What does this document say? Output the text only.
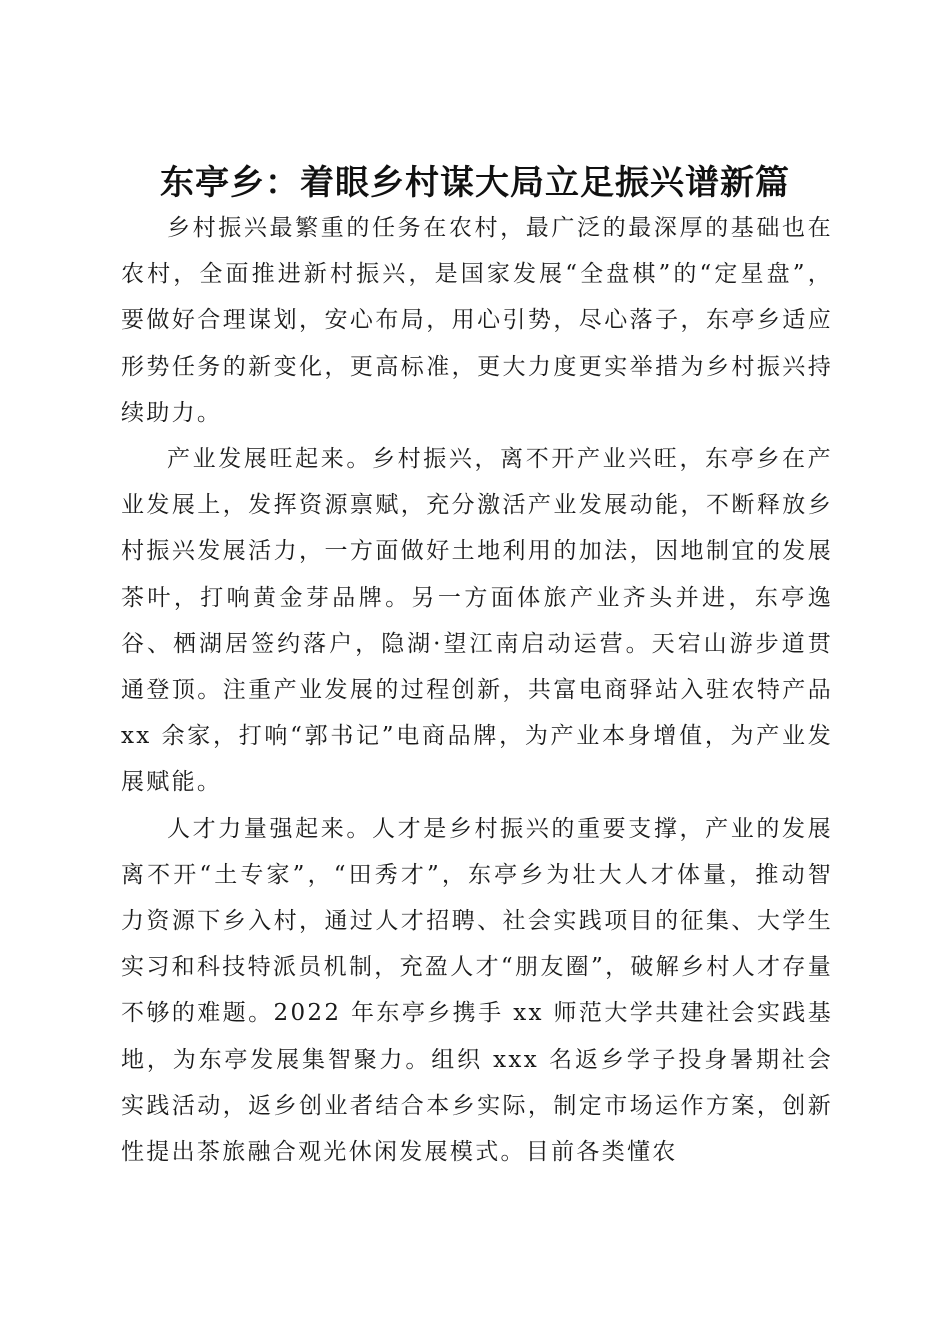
东亭乡：着眼乡村谋大局立足振兴谱新篇

乡村振兴最繁重的任务在农村，最广泛的最深厚的基础也在农村，全面推进新村振兴，是国家发展“全盘棋”的“定星盘”，要做好合理谋划，安心布局，用心引势，尽心落子，东亭乡适应形势任务的新变化，更高标准，更大力度更实举措为乡村振兴持续助力。

产业发展旺起来。乡村振兴，离不开产业兴旺，东亭乡在产业发展上，发挥资源禀赋，充分激活产业发展动能，不断释放乡村振兴发展活力，一方面做好土地利用的加法，因地制宜的发展茶叶，打响黄金芽品牌。另一方面体旅产业齐头并进，东亭逸谷、栖湖居签约落户，隐湖·望江南启动运营。天宕山游步道贯通登顶。注重产业发展的过程创新，共富电商驿站入驻农特产品 xx 余家，打响“郭书记”电商品牌，为产业本身增值，为产业发展赋能。

人才力量强起来。人才是乡村振兴的重要支撑，产业的发展离不开“土专家”，“田秀才”，东亭乡为壮大人才体量，推动智力资源下乡入村，通过人才招聘、社会实践项目的征集、大学生实习和科技特派员机制，充盈人才“朋友圈”，破解乡村人才存量不够的难题。2022 年东亭乡携手 xx 师范大学共建社会实践基地，为东亭发展集智聚力。组织 xxx 名返乡学子投身暑期社会实践活动，返乡创业者结合本乡实际，制定市场运作方案，创新性提出茶旅融合观光休闲发展模式。目前各类懂农
